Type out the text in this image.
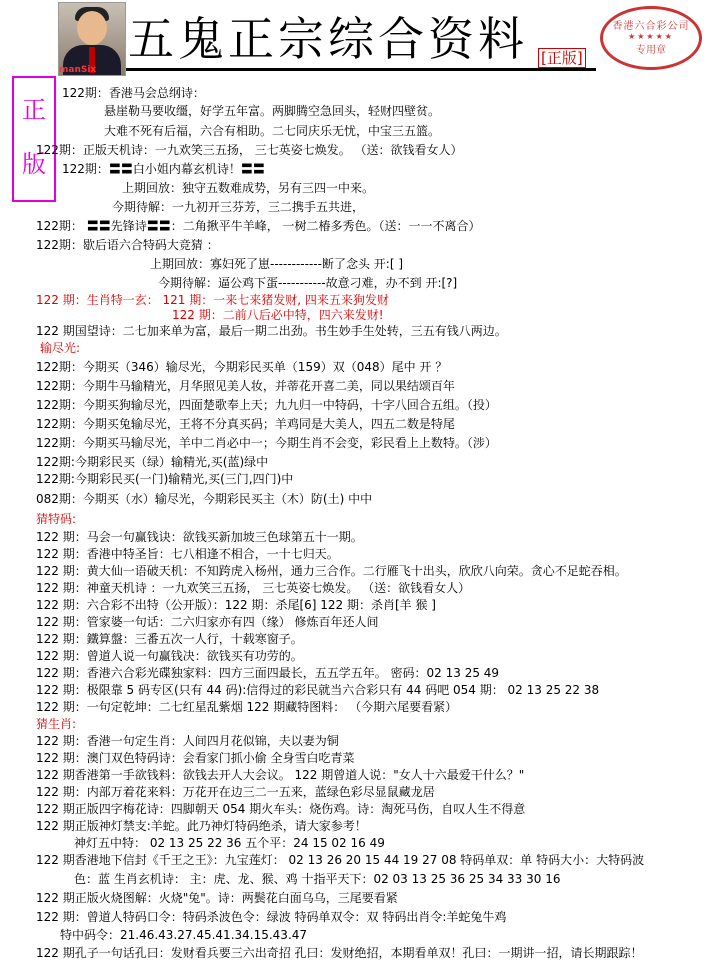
manSix
五鬼正宗综合资料 [正版]
香港六合彩公司
★★★★★
专用章
正
版
122期：香港马会总纲诗：
悬崖勒马要收缰，好学五年富。两脚腾空急回头，轻财四壁贫。
大难不死有后福，六合有相助。二七同庆乐无忧，中宝三五篮。
122期：正版天机诗：一九欢笑三五扬， 三七英姿七焕发。 （送：欲钱看女人）
122期：〓〓白小姐内幕玄机诗！〓〓
上期回放：独守五数难成势，另有三四一中来。
今期待解：一九初开三芬芳，三二携手五共进，
122期： 〓〓先锋诗〓〓：二角揪平牛羊峰， 一树二椿多秀色。（送：一一不离合）
122期：歇后语六合特码大竞猜 ：
上期回放：寡妇死了崽------------断了念头 开:[ ]
今期待解：逼公鸡下蛋-----------故意刁难，办不到 开:[?]
122 期：生肖特一玄： 121 期：一来七来猪发财, 四来五来狗发财
122 期：二前八后必中特，四六来发财!
122 期国望诗：二七加来单为富，最后一期二出劲。书生妙手生处转，三五有钱八两边。
输尽光:
122期：今期买（346）输尽光，今期彩民买单（159）双（048）尾中 开 ？
122期：今期牛马输精光，月华照见美人妆，并蒂花开喜二美，同以果结颂百年
122期：今期买狗输尽光，四面楚歌奉上天；九九归一中特码，十字八回合五组。（投）
122期：今期买兔输尽光，王将不分真买码；羊鸡同是大美人，四五二数是特尾
122期：今期买马输尽光，羊中二肖必中一；今期生肖不会变，彩民看上上数特。（涉）
122期:今期彩民买（绿）输精光,买(蓝)绿中
122期:今期彩民买(一门)输精光,买(三门,四门)中
082期：今期买（水）输尽光，今期彩民买主（木）防(土) 中中
猜特码:
122 期：马会一句赢钱诀：欲钱买新加坡三色球第五十一期。
122 期：香港中特圣旨：七八相逢不相合，一十七归天。
122 期：黄大仙一语破天机：不知跨虎入杨州，通力三合作。二行雁飞十出头，欣欣八向荣。贪心不足蛇吞相。
122 期：神童天机诗 ：一九欢笑三五扬， 三七英姿七焕发。 （送：欲钱看女人）
122 期：六合彩不出特（公开版）：122 期：杀尾[6] 122 期：杀肖[羊 猴 ]
122 期：管家婆一句话：二六归家亦有四（缘） 修炼百年还人间
122 期：鐵算盤：三番五次一人行，十载寒窗子。
122 期：曾道人说一句赢钱决：欲钱买有功劳的。
122 期：香港六合彩光碟独家料：四方三面四最长，五五学五年。 密码：02 13 25 49
122 期：极限靠 5 码专区(只有 44 码):信得过的彩民就当六合彩只有 44 码吧 054 期： 02 13 25 22 38
122 期：一句定乾坤：二七红星乱紫烟 122 期藏特图料： （今期六尾要看紧）
猜生肖:
122 期：香港一句定生肖：人间四月花似锦，夫以妻为铜
122 期：澳门双色特码诗：会看家门抓小偷 全身雪白吃青菜
122 期香港第一手欲钱料：欲钱去开人大会议。 122 期曾道人说："女人十六最爱干什么？"
122 期：内部万着花来料：万花开在边三二一五来，蓝绿色彩尽显鼠藏龙居
122 期正版四字梅花诗：四脚朝天 054 期火车头：烧伤鸡。诗：淘死马伤，自叹人生不得意
122 期正版神灯禁支:羊蛇。此乃神灯特码绝杀，请大家参考！
神灯五中特： 02 13 25 22 36 五个平：24 15 02 16 49
122 期香港地下信封《千王之王》：九宝莲灯： 02 13 26 20 15 44 19 27 08 特码单双：单 特码大小：大特码波
色：蓝 生肖玄机诗： 主：虎、龙、猴、鸡 十指平天下：02 03 13 25 36 25 34 33 30 16
122 期正版火烧图解：火烧"兔"。诗：两鬓花白面乌乌，三尾要看紧
122 期：曾道人特码口令：特码杀波色令：绿波 特码单双令：双 特码出肖令:羊蛇兔牛鸡
特中码令：21.46.43.27.45.41.34.15.43.47
122 期孔子一句话孔曰：发财看兵要三六出奇招 孔曰：发财绝招，本期看单双！孔曰：一期讲一招，请长期跟踪！
